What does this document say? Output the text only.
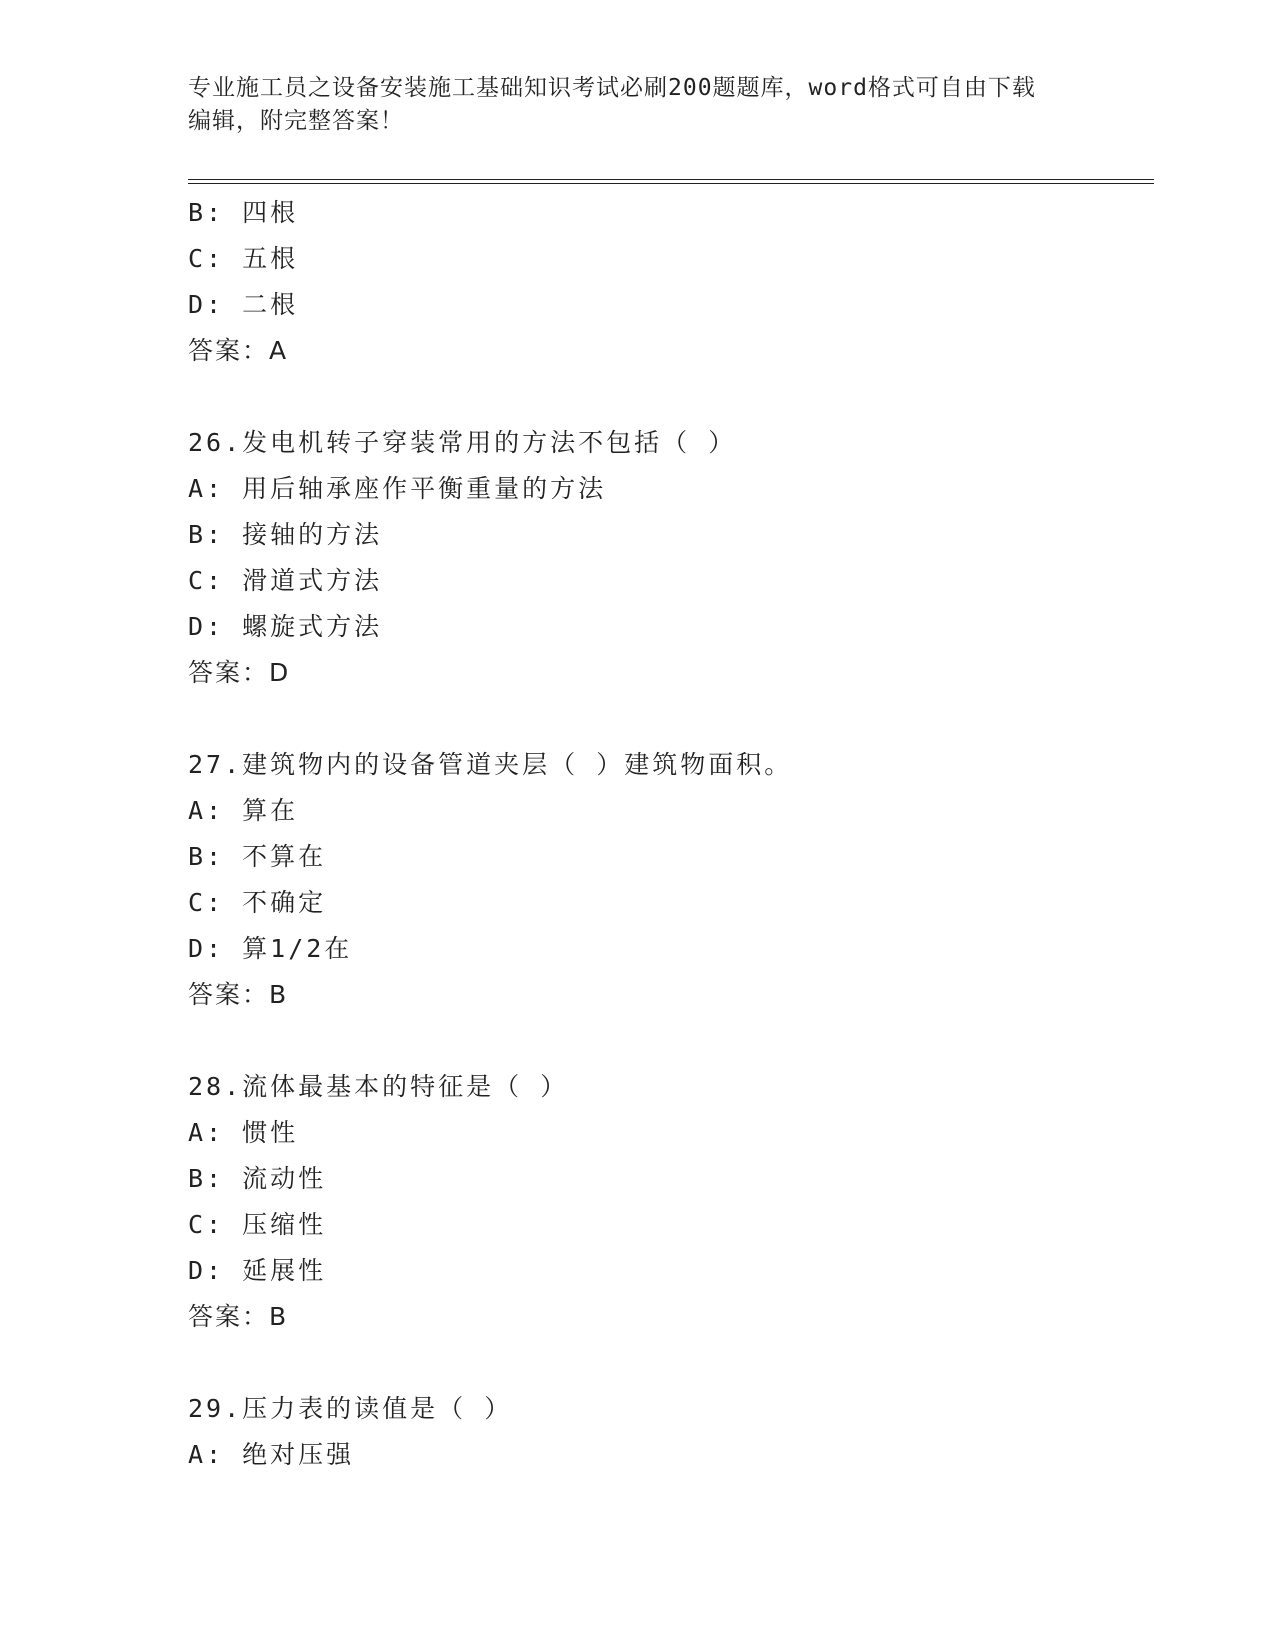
专业施工员之设备安装施工基础知识考试必刷200题题库，word格式可自由下载
编辑，附完整答案！
B: 四根
C: 五根
D: 二根
答案：A
26.发电机转子穿装常用的方法不包括（ ）
A: 用后轴承座作平衡重量的方法
B: 接轴的方法
C: 滑道式方法
D: 螺旋式方法
答案：D
27.建筑物内的设备管道夹层（ ）建筑物面积。
A: 算在
B: 不算在
C: 不确定
D: 算1/2在
答案：B
28.流体最基本的特征是（ ）
A: 惯性
B: 流动性
C: 压缩性
D: 延展性
答案：B
29.压力表的读值是（ ）
A: 绝对压强
